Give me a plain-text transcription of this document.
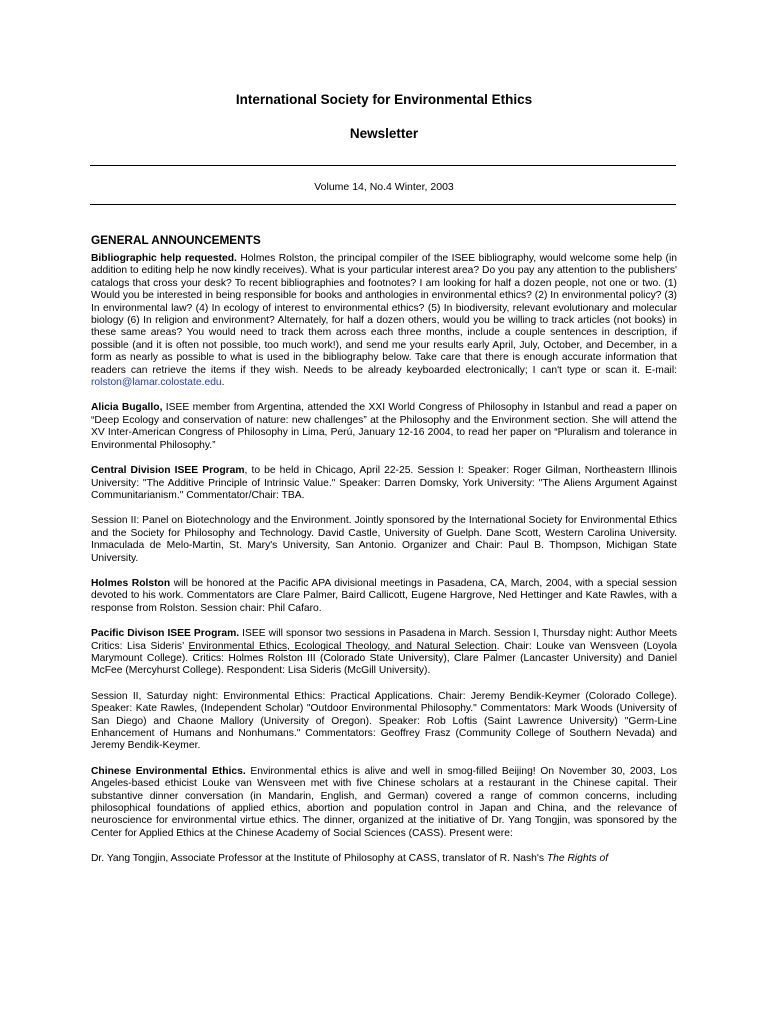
International Society for Environmental Ethics
Newsletter
Volume 14, No.4 Winter, 2003
GENERAL ANNOUNCEMENTS

Bibliographic help requested. Holmes Rolston, the principal compiler of the ISEE bibliography, would welcome some help (in addition to editing help he now kindly receives). What is your particular interest area? Do you pay any attention to the publishers' catalogs that cross your desk? To recent bibliographies and footnotes? I am looking for half a dozen people, not one or two. (1) Would you be interested in being responsible for books and anthologies in environmental ethics? (2) In environmental policy? (3) In environmental law? (4) In ecology of interest to environmental ethics? (5) In biodiversity, relevant evolutionary and molecular biology (6) In religion and environment? Alternately, for half a dozen others, would you be willing to track articles (not books) in these same areas? You would need to track them across each three months, include a couple sentences in description, if possible (and it is often not possible, too much work!), and send me your results early April, July, October, and December, in a form as nearly as possible to what is used in the bibliography below. Take care that there is enough accurate information that readers can retrieve the items if they wish. Needs to be already keyboarded electronically; I can't type or scan it. E-mail: rolston@lamar.colostate.edu.

Alicia Bugallo, ISEE member from Argentina, attended the XXI World Congress of Philosophy in Istanbul and read a paper on “Deep Ecology and conservation of nature: new challenges” at the Philosophy and the Environment section. She will attend the XV Inter-American Congress of Philosophy in Lima, Perú, January 12-16 2004, to read her paper on “Pluralism and tolerance in Environmental Philosophy.”

Central Division ISEE Program, to be held in Chicago, April 22-25. Session I: Speaker: Roger Gilman, Northeastern Illinois University: "The Additive Principle of Intrinsic Value." Speaker: Darren Domsky, York University: "The Aliens Argument Against Communitarianism." Commentator/Chair: TBA.

Session II: Panel on Biotechnology and the Environment. Jointly sponsored by the International Society for Environmental Ethics and the Society for Philosophy and Technology. David Castle, University of Guelph. Dane Scott, Western Carolina University. Inmaculada de Melo-Martin, St. Mary's University, San Antonio. Organizer and Chair: Paul B. Thompson, Michigan State University.

Holmes Rolston will be honored at the Pacific APA divisional meetings in Pasadena, CA, March, 2004, with a special session devoted to his work. Commentators are Clare Palmer, Baird Callicott, Eugene Hargrove, Ned Hettinger and Kate Rawles, with a response from Rolston. Session chair: Phil Cafaro.

Pacific Divison ISEE Program. ISEE will sponsor two sessions in Pasadena in March. Session I, Thursday night: Author Meets Critics: Lisa Sideris’ Environmental Ethics, Ecological Theology, and Natural Selection. Chair: Louke van Wensveen (Loyola Marymount College). Critics: Holmes Rolston III (Colorado State University), Clare Palmer (Lancaster University) and Daniel McFee (Mercyhurst College). Respondent: Lisa Sideris (McGill University).

Session II, Saturday night: Environmental Ethics: Practical Applications. Chair: Jeremy Bendik-Keymer (Colorado College). Speaker: Kate Rawles, (Independent Scholar) "Outdoor Environmental Philosophy." Commentators: Mark Woods (University of San Diego) and Chaone Mallory (University of Oregon). Speaker: Rob Loftis (Saint Lawrence University) "Germ-Line Enhancement of Humans and Nonhumans." Commentators: Geoffrey Frasz (Community College of Southern Nevada) and Jeremy Bendik-Keymer.

Chinese Environmental Ethics. Environmental ethics is alive and well in smog-filled Beijing! On November 30, 2003, Los Angeles-based ethicist Louke van Wensveen met with five Chinese scholars at a restaurant in the Chinese capital. Their substantive dinner conversation (in Mandarin, English, and German) covered a range of common concerns, including philosophical foundations of applied ethics, abortion and population control in Japan and China, and the relevance of neuroscience for environmental virtue ethics. The dinner, organized at the initiative of Dr. Yang Tongjin, was sponsored by the Center for Applied Ethics at the Chinese Academy of Social Sciences (CASS). Present were:

Dr. Yang Tongjin, Associate Professor at the Institute of Philosophy at CASS, translator of R. Nash's The Rights of
